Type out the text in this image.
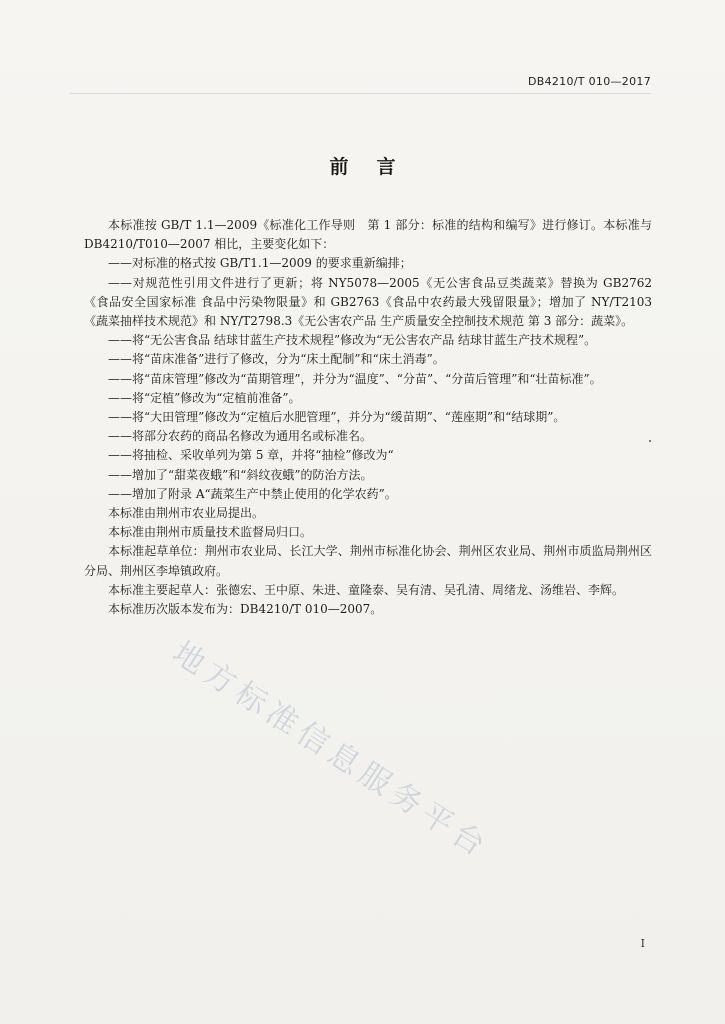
DB4210/T 010—2017
前言

本标准按 GB/T 1.1—2009《标准化工作导则　第 1 部分：标准的结构和编写》进行修订。本标准与 DB4210/T010—2007 相比，主要变化如下：

——对标准的格式按 GB/T1.1—2009 的要求重新编排；

——对规范性引用文件进行了更新；将 NY5078—2005《无公害食品豆类蔬菜》替换为 GB2762《食品安全国家标准 食品中污染物限量》和 GB2763《食品中农药最大残留限量》；增加了 NY/T2103《蔬菜抽样技术规范》和 NY/T2798.3《无公害农产品 生产质量安全控制技术规范 第 3 部分：蔬菜》。

——将“无公害食品 结球甘蓝生产技术规程”修改为“无公害农产品 结球甘蓝生产技术规程”。

——将“苗床准备”进行了修改，分为“床土配制”和“床土消毒”。

——将“苗床管理”修改为“苗期管理”，并分为“温度”、“分苗”、“分苗后管理”和“壮苗标准”。

——将“定植”修改为“定植前准备”。

——将“大田管理”修改为“定植后水肥管理”，并分为“缓苗期”、“莲座期”和“结球期”。

——将部分农药的商品名修改为通用名或标准名。

——将抽检、采收单列为第 5 章，并将“抽检”修改为“

——增加了“甜菜夜蛾”和“斜纹夜蛾”的防治方法。

——增加了附录 A“蔬菜生产中禁止使用的化学农药”。

本标准由荆州市农业局提出。

本标准由荆州市质量技术监督局归口。

本标准起草单位：荆州市农业局、长江大学、荆州市标准化协会、荆州区农业局、荆州市质监局荆州区分局、荆州区李埠镇政府。

本标准主要起草人：张德宏、王中原、朱进、童隆泰、吴有清、吴孔清、周绪龙、汤维岩、李辉。

本标准历次版本发布为：DB4210/T 010—2007。

地方标准信息服务平台
I
